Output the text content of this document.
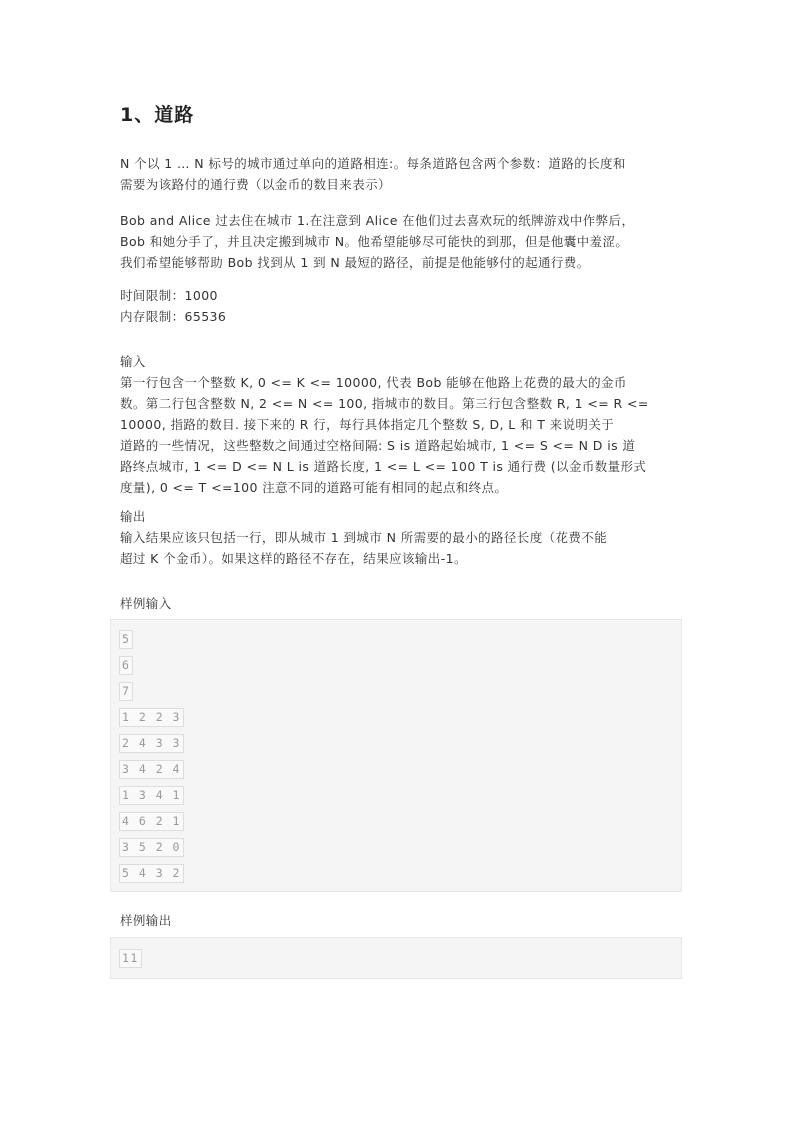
1、道路

N 个以 1 … N 标号的城市通过单向的道路相连:。每条道路包含两个参数：道路的长度和
需要为该路付的通行费（以金币的数目来表示）

Bob and Alice 过去住在城市 1.在注意到 Alice 在他们过去喜欢玩的纸牌游戏中作弊后，
Bob 和她分手了，并且决定搬到城市 N。他希望能够尽可能快的到那，但是他囊中羞涩。
我们希望能够帮助 Bob 找到从 1 到 N 最短的路径，前提是他能够付的起通行费。

时间限制：1000
内存限制：65536

输入

第一行包含一个整数 K, 0 <= K <= 10000, 代表 Bob 能够在他路上花费的最大的金币
数。第二行包含整数 N, 2 <= N <= 100, 指城市的数目。第三行包含整数 R, 1 <= R <=
10000, 指路的数目. 接下来的 R 行，每行具体指定几个整数 S, D, L 和 T 来说明关于
道路的一些情况，这些整数之间通过空格间隔: S is 道路起始城市, 1 <= S <= N D is 道
路终点城市, 1 <= D <= N L is 道路长度, 1 <= L <= 100 T is 通行费 (以金币数量形式
度量), 0 <= T <=100 注意不同的道路可能有相同的起点和终点。

输出

输入结果应该只包括一行，即从城市 1 到城市 N 所需要的最小的路径长度（花费不能
超过 K 个金币）。如果这样的路径不存在，结果应该输出-1。

样例输入

5
6
7
1 2 2 3
2 4 3 3
3 4 2 4
1 3 4 1
4 6 2 1
3 5 2 0
5 4 3 2

样例输出

11
